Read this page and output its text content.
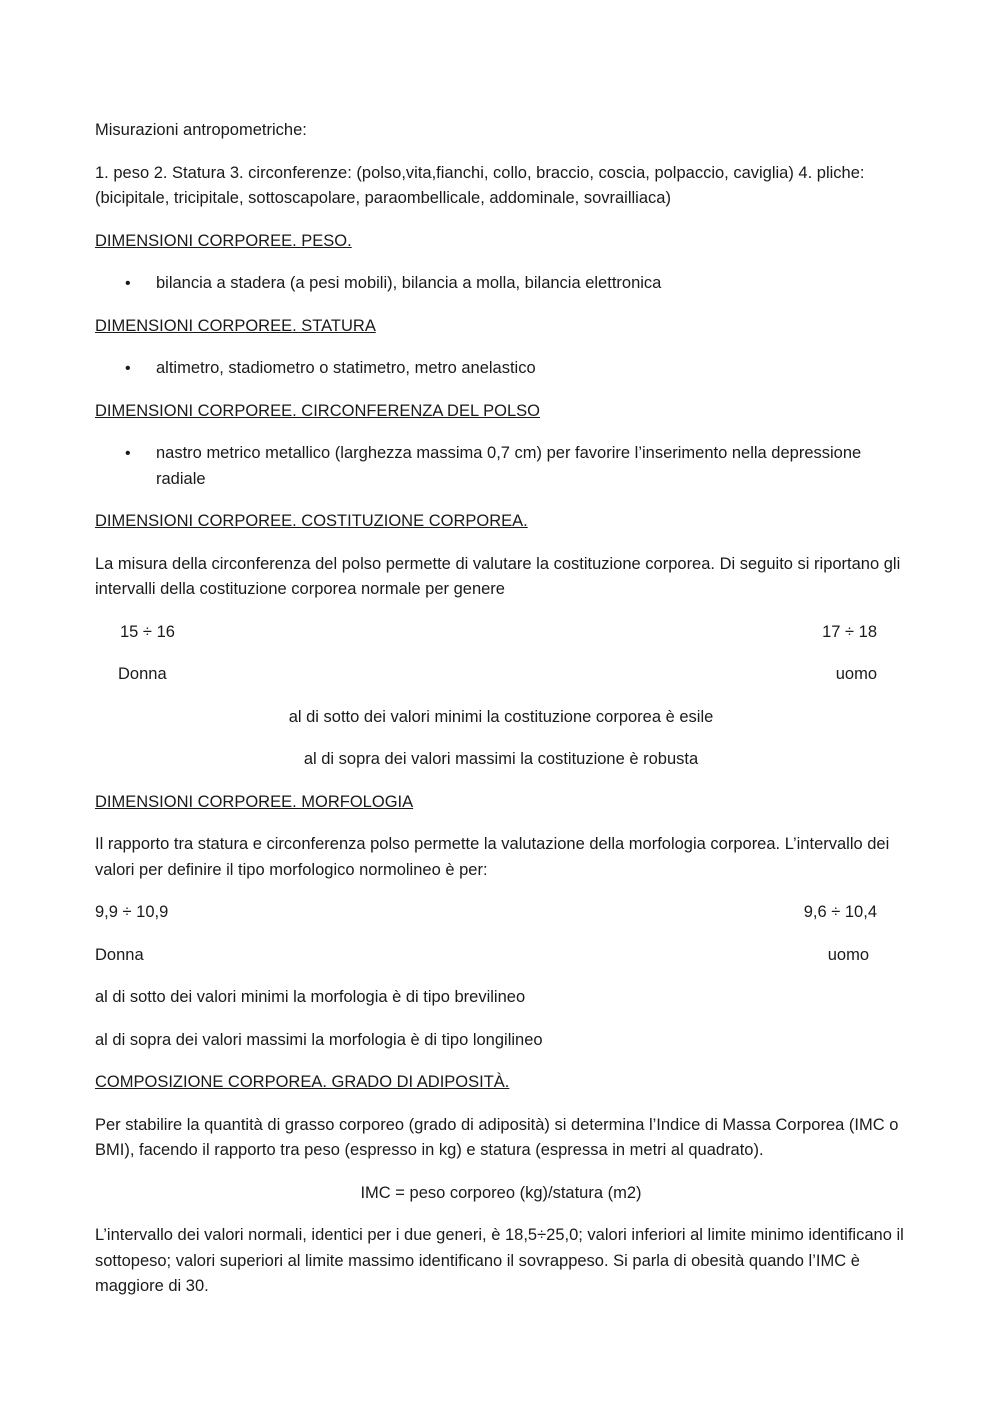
Misurazioni antropometriche:

1. peso 2. Statura 3. circonferenze: (polso,vita,fianchi, collo, braccio, coscia, polpaccio, caviglia) 4. pliche: (bicipitale, tricipitale, sottoscapolare, paraombellicale, addominale, sovrailliaca)

DIMENSIONI CORPOREE. PESO.

• bilancia a stadera (a pesi mobili), bilancia a molla, bilancia elettronica

DIMENSIONI CORPOREE. STATURA

• altimetro, stadiometro o statimetro, metro anelastico

DIMENSIONI CORPOREE. CIRCONFERENZA DEL POLSO

• nastro metrico metallico (larghezza massima 0,7 cm) per favorire l’inserimento nella depressione radiale

DIMENSIONI CORPOREE. COSTITUZIONE CORPOREA.

La misura della circonferenza del polso permette di valutare la costituzione corporea. Di seguito si riportano gli intervalli della costituzione corporea normale per genere

15 ÷ 16	17 ÷ 18
Donna	uomo

al di sotto dei valori minimi la costituzione corporea è esile

al di sopra dei valori massimi la costituzione è robusta

DIMENSIONI CORPOREE. MORFOLOGIA

Il rapporto tra statura e circonferenza polso permette la valutazione della morfologia corporea. L’intervallo dei valori per definire il tipo morfologico normolineo è per:

9,9 ÷ 10,9	9,6 ÷ 10,4
Donna	uomo

al di sotto dei valori minimi la morfologia è di tipo brevilineo

al di sopra dei valori massimi la morfologia è di tipo longilineo

COMPOSIZIONE CORPOREA. GRADO DI ADIPOSITÀ.

Per stabilire la quantità di grasso corporeo (grado di adiposità) si determina l’Indice di Massa Corporea (IMC o BMI), facendo il rapporto tra peso (espresso in kg) e statura (espressa in metri al quadrato).

IMC = peso corporeo (kg)/statura (m2)

L’intervallo dei valori normali, identici per i due generi, è 18,5÷25,0; valori inferiori al limite minimo identificano il sottopeso; valori superiori al limite massimo identificano il sovrappeso. Si parla di obesità quando l’IMC è maggiore di 30.
